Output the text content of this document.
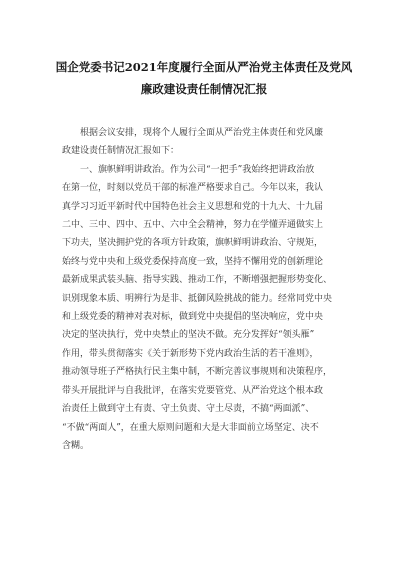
国企党委书记2021年度履行全面从严治党主体责任及党风
廉政建设责任制情况汇报
　　根据会议安排，现将个人履行全面从严治党主体责任和党风廉
政建设责任制情况汇报如下：
　　一、旗帜鲜明讲政治。作为公司“一把手”我始终把讲政治放
在第一位，时刻以党员干部的标准严格要求自己。今年以来，我认
真学习习近平新时代中国特色社会主义思想和党的十九大、十九届
二中、三中、四中、五中、六中全会精神，努力在学懂弄通做实上
下功夫，坚决拥护党的各项方针政策，旗帜鲜明讲政治、守规矩，
始终与党中央和上级党委保持高度一致，坚持不懈用党的创新理论
最新成果武装头脑、指导实践、推动工作，不断增强把握形势变化、
识别现象本质、明辨行为是非、抵御风险挑战的能力。经常同党中央
和上级党委的精神对表对标，做到党中央提倡的坚决响应，党中央
决定的坚决执行，党中央禁止的坚决不做。充分发挥好“领头雁”
作用，带头贯彻落实《关于新形势下党内政治生活的若干准则》，
推动领导班子严格执行民主集中制，不断完善议事规则和决策程序，
带头开展批评与自我批评，在落实党要管党、从严治党这个根本政
治责任上做到守土有责、守土负责、守土尽责，不搞“两面派”、
“不做“两面人”，在重大原则问题和大是大非面前立场坚定、决不
含糊。
